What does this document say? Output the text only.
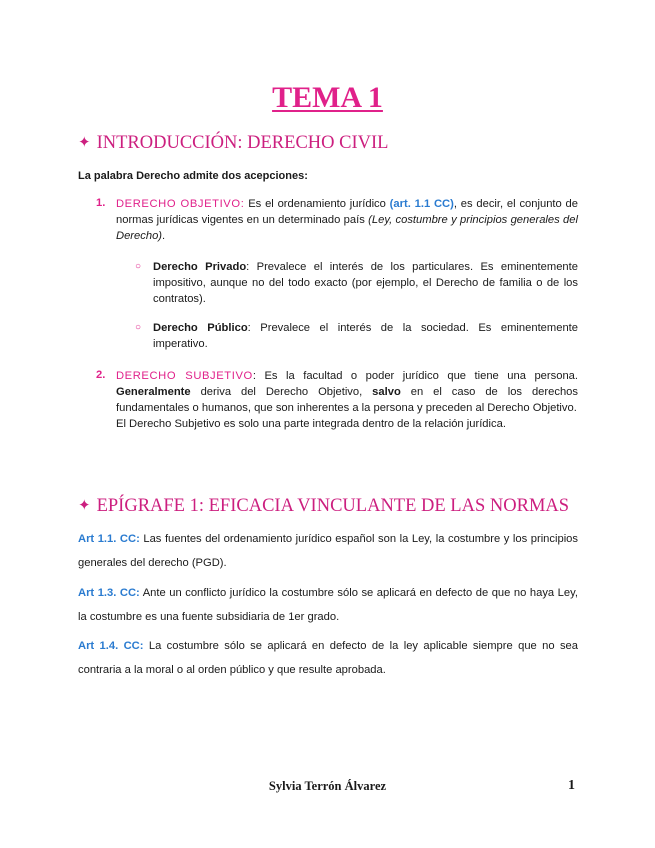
TEMA 1
✦ INTRODUCCIÓN: DERECHO CIVIL
La palabra Derecho admite dos acepciones:
1. DERECHO OBJETIVO: Es el ordenamiento jurídico (art. 1.1 CC), es decir, el conjunto de normas jurídicas vigentes en un determinado país (Ley, costumbre y principios generales del Derecho).
○ Derecho Privado: Prevalece el interés de los particulares. Es eminentemente impositivo, aunque no del todo exacto (por ejemplo, el Derecho de familia o de los contratos).
○ Derecho Público: Prevalece el interés de la sociedad. Es eminentemente imperativo.
2. DERECHO SUBJETIVO: Es la facultad o poder jurídico que tiene una persona. Generalmente deriva del Derecho Objetivo, salvo en el caso de los derechos fundamentales o humanos, que son inherentes a la persona y preceden al Derecho Objetivo.
El Derecho Subjetivo es solo una parte integrada dentro de la relación jurídica.
✦ EPÍGRAFE 1: EFICACIA VINCULANTE DE LAS NORMAS
Art 1.1. CC: Las fuentes del ordenamiento jurídico español son la Ley, la costumbre y los principios generales del derecho (PGD).
Art 1.3. CC: Ante un conflicto jurídico la costumbre sólo se aplicará en defecto de que no haya Ley, la costumbre es una fuente subsidiaria de 1er grado.
Art 1.4. CC: La costumbre sólo se aplicará en defecto de la ley aplicable siempre que no sea contraria a la moral o al orden público y que resulte aprobada.
Sylvia Terrón Álvarez	1
